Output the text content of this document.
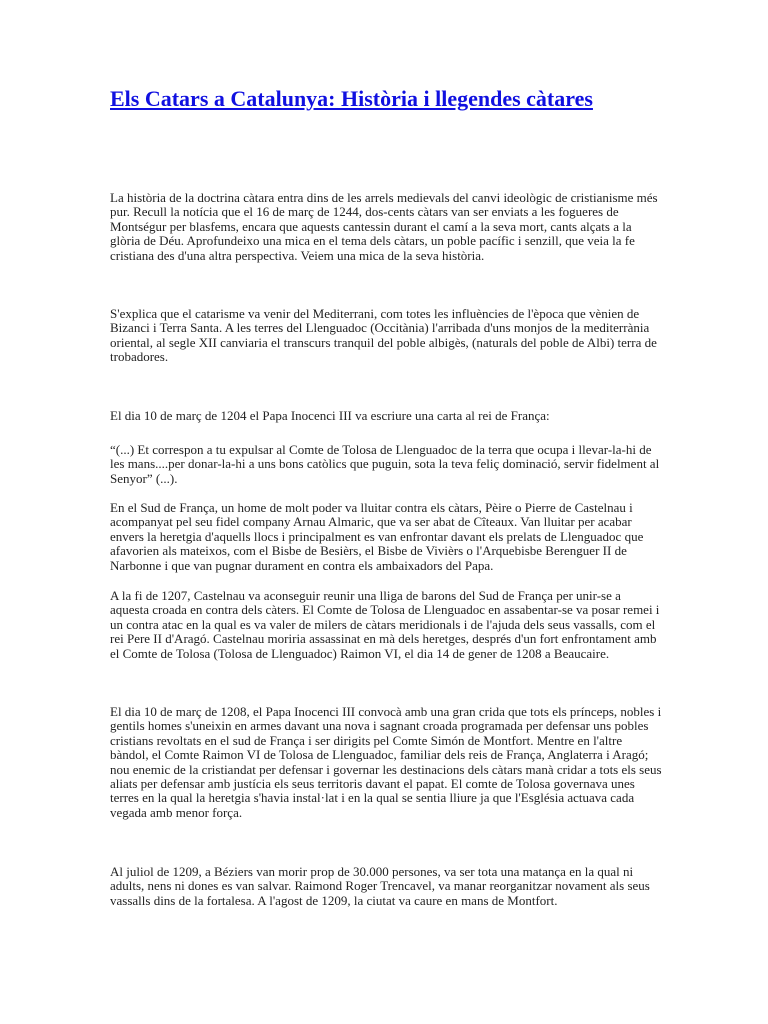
Els Catars a Catalunya: Història i llegendes càtares

La història de la doctrina càtara entra dins de les arrels medievals del canvi ideològic de cristianisme més
pur. Recull la notícia que el 16 de març de 1244, dos-cents càtars van ser enviats a les fogueres de
Montségur per blasfems, encara que aquests cantessin durant el camí a la seva mort, cants alçats a la
glòria de Déu. Aprofundeixo una mica en el tema dels càtars, un poble pacífic i senzill, que veia la fe
cristiana des d'una altra perspectiva. Veiem una mica de la seva història.

S'explica que el catarisme va venir del Mediterrani, com totes les influències de l'època que vènien de
Bizanci i Terra Santa. A les terres del Llenguadoc (Occitània) l'arribada d'uns monjos de la mediterrània
oriental, al segle XII canviaria el transcurs tranquil del poble albigès, (naturals del poble de Albi) terra de
trobadores.

El dia 10 de març de 1204 el Papa Inocenci III va escriure una carta al rei de França:

“(...) Et correspon a tu expulsar al Comte de Tolosa de Llenguadoc de la terra que ocupa i llevar-la-hi de
les mans....per donar-la-hi a uns bons catòlics que puguin, sota la teva feliç dominació, servir fidelment al
Senyor” (...).

En el Sud de França, un home de molt poder va lluitar contra els càtars, Pèire o Pierre de Castelnau i
acompanyat pel seu fidel company Arnau Almaric, que va ser abat de Cîteaux. Van lluitar per acabar
envers la heretgia d'aquells llocs i principalment es van enfrontar davant els prelats de Llenguadoc que
afavorien als mateixos, com el Bisbe de Besièrs, el Bisbe de Vivièrs o l'Arquebisbe Berenguer II de
Narbonne i que van pugnar durament en contra els ambaixadors del Papa.

A la fi de 1207, Castelnau va aconseguir reunir una lliga de barons del Sud de França per unir-se a
aquesta croada en contra dels càters. El Comte de Tolosa de Llenguadoc en assabentar-se va posar remei i
un contra atac en la qual es va valer de milers de càtars meridionals i de l'ajuda dels seus vassalls, com el
rei Pere II d'Aragó. Castelnau moriria assassinat en mà dels heretges, després d'un fort enfrontament amb
el Comte de Tolosa (Tolosa de Llenguadoc) Raimon VI, el dia 14 de gener de 1208 a Beaucaire.

El dia 10 de març de 1208, el Papa Inocenci III convocà amb una gran crida que tots els prínceps, nobles i
gentils homes s'uneixin en armes davant una nova i sagnant croada programada per defensar uns pobles
cristians revoltats en el sud de França i ser dirigits pel Comte Simón de Montfort. Mentre en l'altre
bàndol, el Comte Raimon VI de Tolosa de Llenguadoc, familiar dels reis de França, Anglaterra i Aragó;
nou enemic de la cristiandat per defensar i governar les destinacions dels càtars manà cridar a tots els seus
aliats per defensar amb justícia els seus territoris davant el papat. El comte de Tolosa governava unes
terres en la qual la heretgia s'havia instal·lat i en la qual se sentia lliure ja que l'Església actuava cada
vegada amb menor força.

Al juliol de 1209, a Béziers van morir prop de 30.000 persones, va ser tota una matança en la qual ni
adults, nens ni dones es van salvar. Raimond Roger Trencavel, va manar reorganitzar novament als seus
vassalls dins de la fortalesa. A l'agost de 1209, la ciutat va caure en mans de Montfort.
